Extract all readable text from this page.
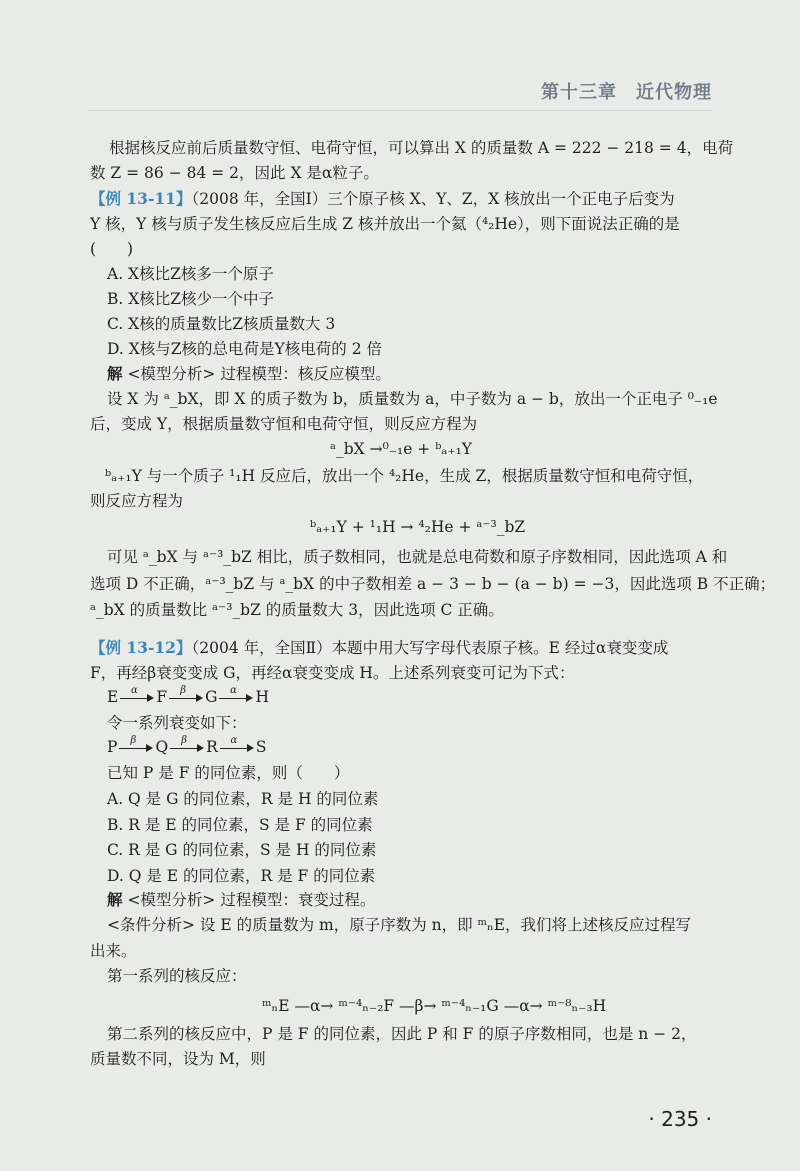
第十三章　近代物理
根据核反应前后质量数守恒、电荷守恒，可以算出 X 的质量数 A = 222 − 218 = 4，电荷
数 Z = 86 − 84 = 2，因此 X 是α粒子。
【例 13-11】（2008 年，全国Ⅰ）三个原子核 X、Y、Z，X 核放出一个正电子后变为
Y 核，Y 核与质子发生核反应后生成 Z 核并放出一个氦（⁴₂He），则下面说法正确的是
(　　)
A. X核比Z核多一个原子
B. X核比Z核少一个中子
C. X核的质量数比Z核质量数大 3
D. X核与Z核的总电荷是Y核电荷的 2 倍
解 <模型分析> 过程模型：核反应模型。
设 X 为 ᵃ_bX，即 X 的质子数为 b，质量数为 a，中子数为 a − b，放出一个正电子 ⁰₋₁e
后，变成 Y，根据质量数守恒和电荷守恒，则反应方程为
ᵇₐ₊₁Y 与一个质子 ¹₁H 反应后，放出一个 ⁴₂He，生成 Z，根据质量数守恒和电荷守恒，
则反应方程为
可见 ᵃ_bX 与 ᵃ⁻³_bZ 相比，质子数相同，也就是总电荷数和原子序数相同，因此选项 A 和
选项 D 不正确，ᵃ⁻³_bZ 与 ᵃ_bX 的中子数相差 a − 3 − b − (a − b) = −3，因此选项 B 不正确；
ᵃ_bX 的质量数比 ᵃ⁻³_bZ 的质量数大 3，因此选项 C 正确。
【例 13-12】（2004 年，全国Ⅱ）本题中用大写字母代表原子核。E 经过α衰变变成
F，再经β衰变变成 G，再经α衰变变成 H。上述系列衰变可记为下式：
令一系列衰变如下：
已知 P 是 F 的同位素，则（　　）
A. Q 是 G 的同位素，R 是 H 的同位素
B. R 是 E 的同位素，S 是 F 的同位素
C. R 是 G 的同位素，S 是 H 的同位素
D. Q 是 E 的同位素，R 是 F 的同位素
解 <模型分析> 过程模型：衰变过程。
<条件分析> 设 E 的质量数为 m，原子序数为 n，即 ᵐₙE，我们将上述核反应过程写
出来。
第一系列的核反应：
第二系列的核反应中，P 是 F 的同位素，因此 P 和 F 的原子序数相同，也是 n − 2，
质量数不同，设为 M，则
ᵃ_bX →⁰₋₁e + ᵇₐ₊₁Y
ᵇₐ₊₁Y + ¹₁H → ⁴₂He + ᵃ⁻³_bZ
ᵐₙE —α→ ᵐ⁻⁴ₙ₋₂F —β→ ᵐ⁻⁴ₙ₋₁G —α→ ᵐ⁻⁸ₙ₋₃H
E	α	F	β	G	α	H
P	β	Q	β	R	α	S
· 235 ·
